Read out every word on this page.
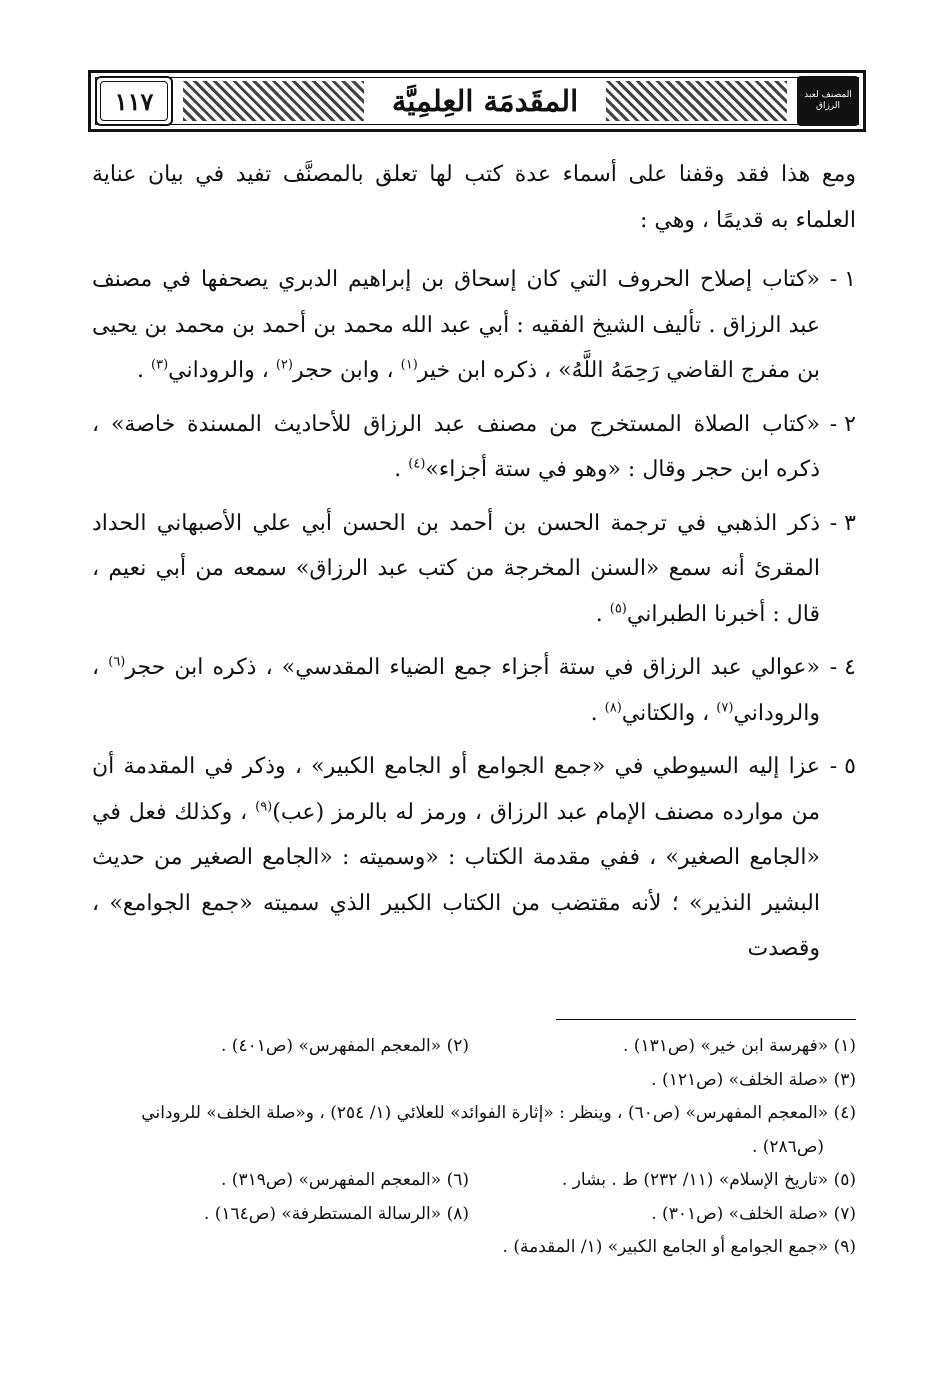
المصنف لعبد الرزاق
المقَدمَة العِلمِيَّة
١١٧

ومع هذا فقد وقفنا على أسماء عدة كتب لها تعلق بالمصنَّف تفيد في بيان عناية العلماء به قديمًا ، وهي :

١ -
«كتاب إصلاح الحروف التي كان إسحاق بن إبراهيم الدبري يصحفها في مصنف عبد الرزاق . تأليف الشيخ الفقيه : أبي عبد الله محمد بن أحمد بن محمد بن يحيى بن مفرج القاضي رَحِمَهُ اللَّهُ» ، ذكره ابن خير$^{(١)}$ ، وابن حجر$^{(٢)}$ ، والروداني$^{(٣)}$ .
٢ -
«كتاب الصلاة المستخرج من مصنف عبد الرزاق للأحاديث المسندة خاصة» ، ذكره ابن حجر وقال : «وهو في ستة أجزاء»$^{(٤)}$ .
٣ -
ذكر الذهبي في ترجمة الحسن بن أحمد بن الحسن أبي علي الأصبهاني الحداد المقرئ أنه سمع «السنن المخرجة من كتب عبد الرزاق» سمعه من أبي نعيم ، قال : أخبرنا الطبراني$^{(٥)}$ .
٤ -
«عوالي عبد الرزاق في ستة أجزاء جمع الضياء المقدسي» ، ذكره ابن حجر$^{(٦)}$ ، والروداني$^{(٧)}$ ، والكتاني$^{(٨)}$ .
٥ -
عزا إليه السيوطي في «جمع الجوامع أو الجامع الكبير» ، وذكر في المقدمة أن من موارده مصنف الإمام عبد الرزاق ، ورمز له بالرمز (عب)$^{(٩)}$ ، وكذلك فعل في «الجامع الصغير» ، ففي مقدمة الكتاب : «وسميته : «الجامع الصغير من حديث البشير النذير» ؛ لأنه مقتضب من الكتاب الكبير الذي سميته «جمع الجوامع» ، وقصدت
(١) «فهرسة ابن خير» (ص١٣١) .
(٢) «المعجم المفهرس» (ص٤٠١) .
(٣) «صلة الخلف» (ص١٢١) .
(٤) «المعجم المفهرس» (ص٦٠) ، وينظر : «إثارة الفوائد» للعلائي (١/ ٢٥٤) ، و«صلة الخلف» للروداني
(ص٢٨٦) .
(٥) «تاريخ الإسلام» (١١/ ٢٣٢) ط . بشار .
(٦) «المعجم المفهرس» (ص٣١٩) .
(٧) «صلة الخلف» (ص٣٠١) .
(٨) «الرسالة المستطرفة» (ص١٦٤) .
(٩) «جمع الجوامع أو الجامع الكبير» (١/ المقدمة) .
